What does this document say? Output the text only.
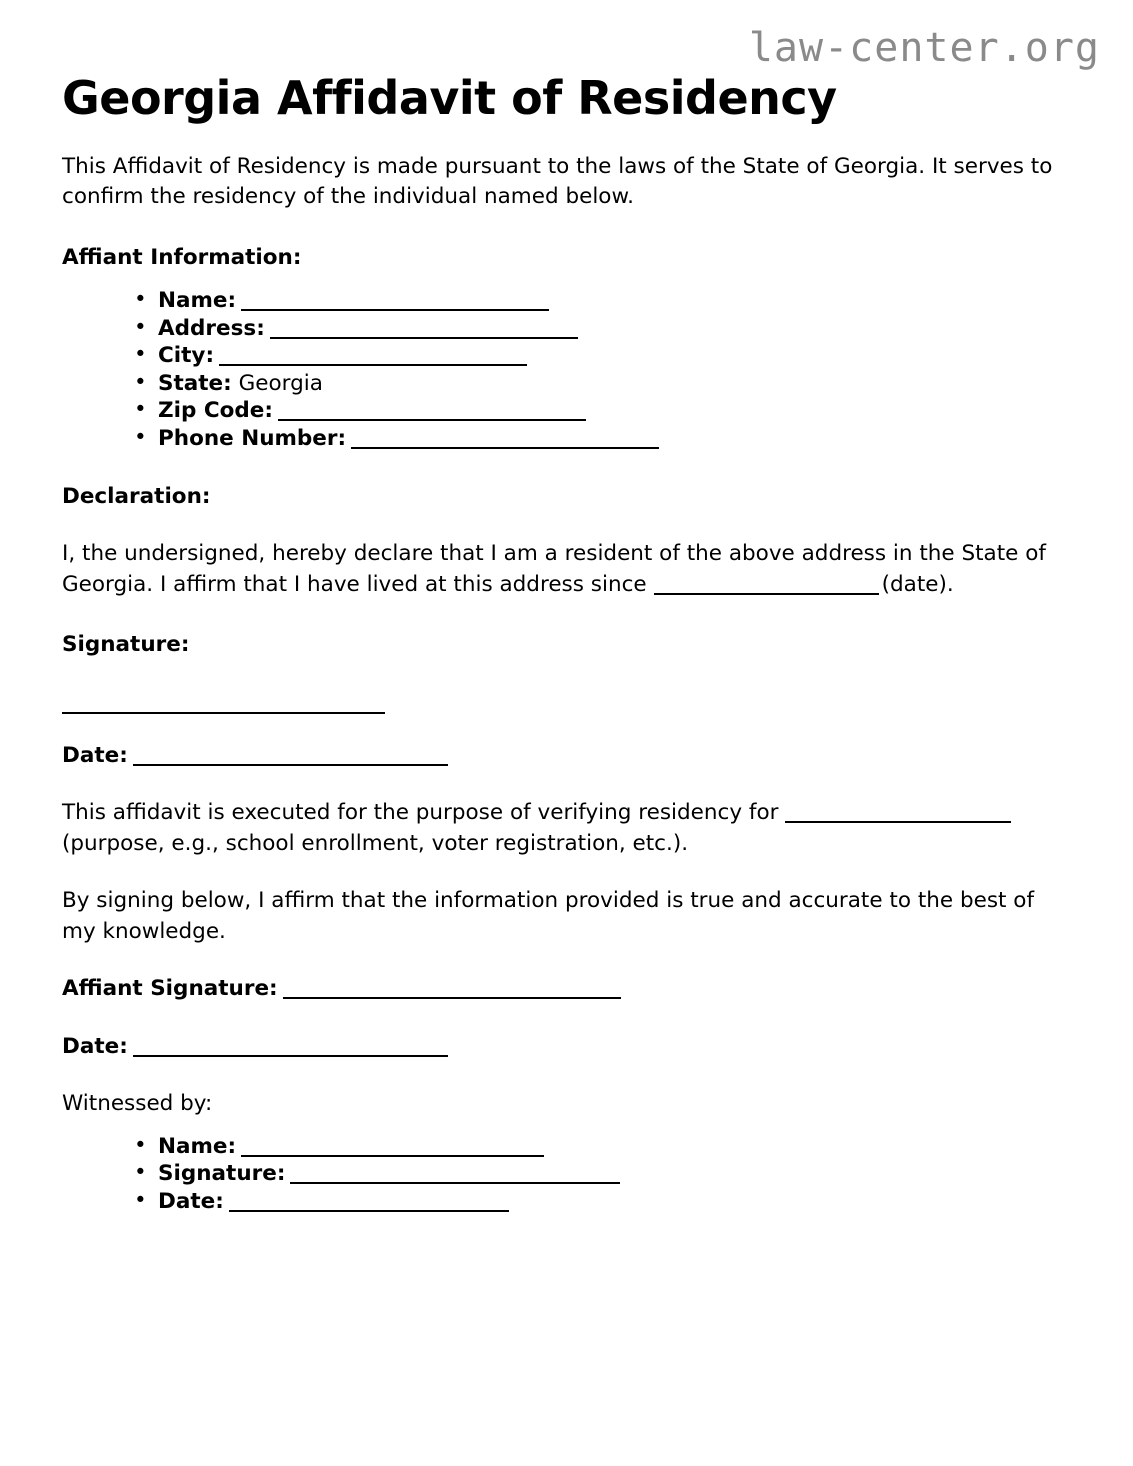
law-center.org
Georgia Affidavit of Residency

This Affidavit of Residency is made pursuant to the laws of the State of Georgia. It serves to confirm the residency of the individual named below.

Affiant Information:
• Name:
• Address:
• City:
• State: Georgia
• Zip Code:
• Phone Number:
Declaration:

I, the undersigned, hereby declare that I am a resident of the above address in the State of Georgia. I affirm that I have lived at this address since	(date).

Signature:
Date:

This affidavit is executed for the purpose of verifying residency for
(purpose, e.g., school enrollment, voter registration, etc.).

By signing below, I affirm that the information provided is true and accurate to the best of my knowledge.

Affiant Signature:
Date:

Witnessed by:

• Name:
• Signature:
• Date:
